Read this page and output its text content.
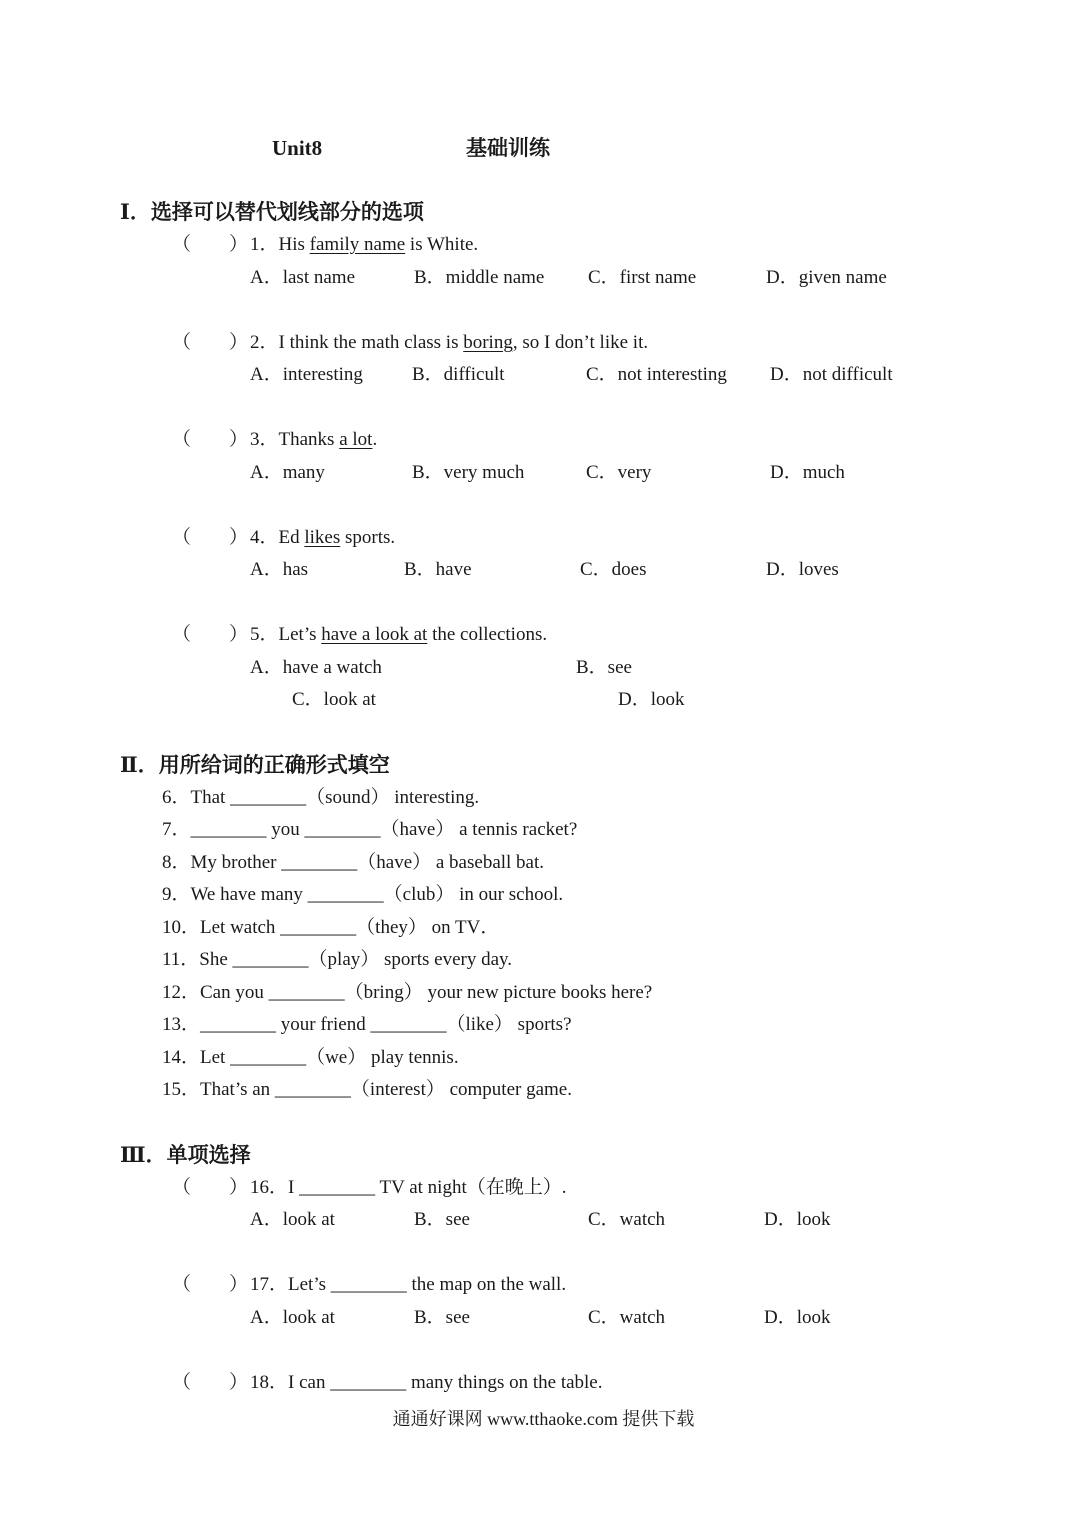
Unit8	基础训练
Ⅰ．选择可以替代划线部分的选项
（　　） 1．His family name is White.
A．last name	B．middle name C．first name	D．given name
（　　） 2．I think the math class is boring, so I don’t like it.
A．interesting	B．difficult	C．not interesting D．not difficult
（　　） 3．Thanks a lot.
A．many	B．very much	C．very	D．much
（　　） 4．Ed likes sports.
A．has	B．have	C．does	D．loves
（　　） 5．Let’s have a look at the collections.
A．have a watch	B．see
C．look at	D．look
Ⅱ．用所给词的正确形式填空
6．That ________（sound） interesting.
7．________ you ________（have） a tennis racket?
8．My brother ________（have） a baseball bat.
9．We have many ________（club） in our school.
10．Let watch ________（they） on TV．
11．She ________（play） sports every day.
12．Can you ________（bring） your new picture books here?
13．________ your friend ________（like） sports?
14．Let ________（we） play tennis.
15．That’s an ________（interest） computer game.
Ⅲ．单项选择
（　　） 16．I ________ TV at night（在晚上）.
A．look at	B．see	C．watch	D．look
（　　） 17．Let’s ________ the map on the wall.
A．look at	B．see	C．watch	D．look
（　　） 18．I can ________ many things on the table.
通通好课网 www.tthaoke.com 提供下载
